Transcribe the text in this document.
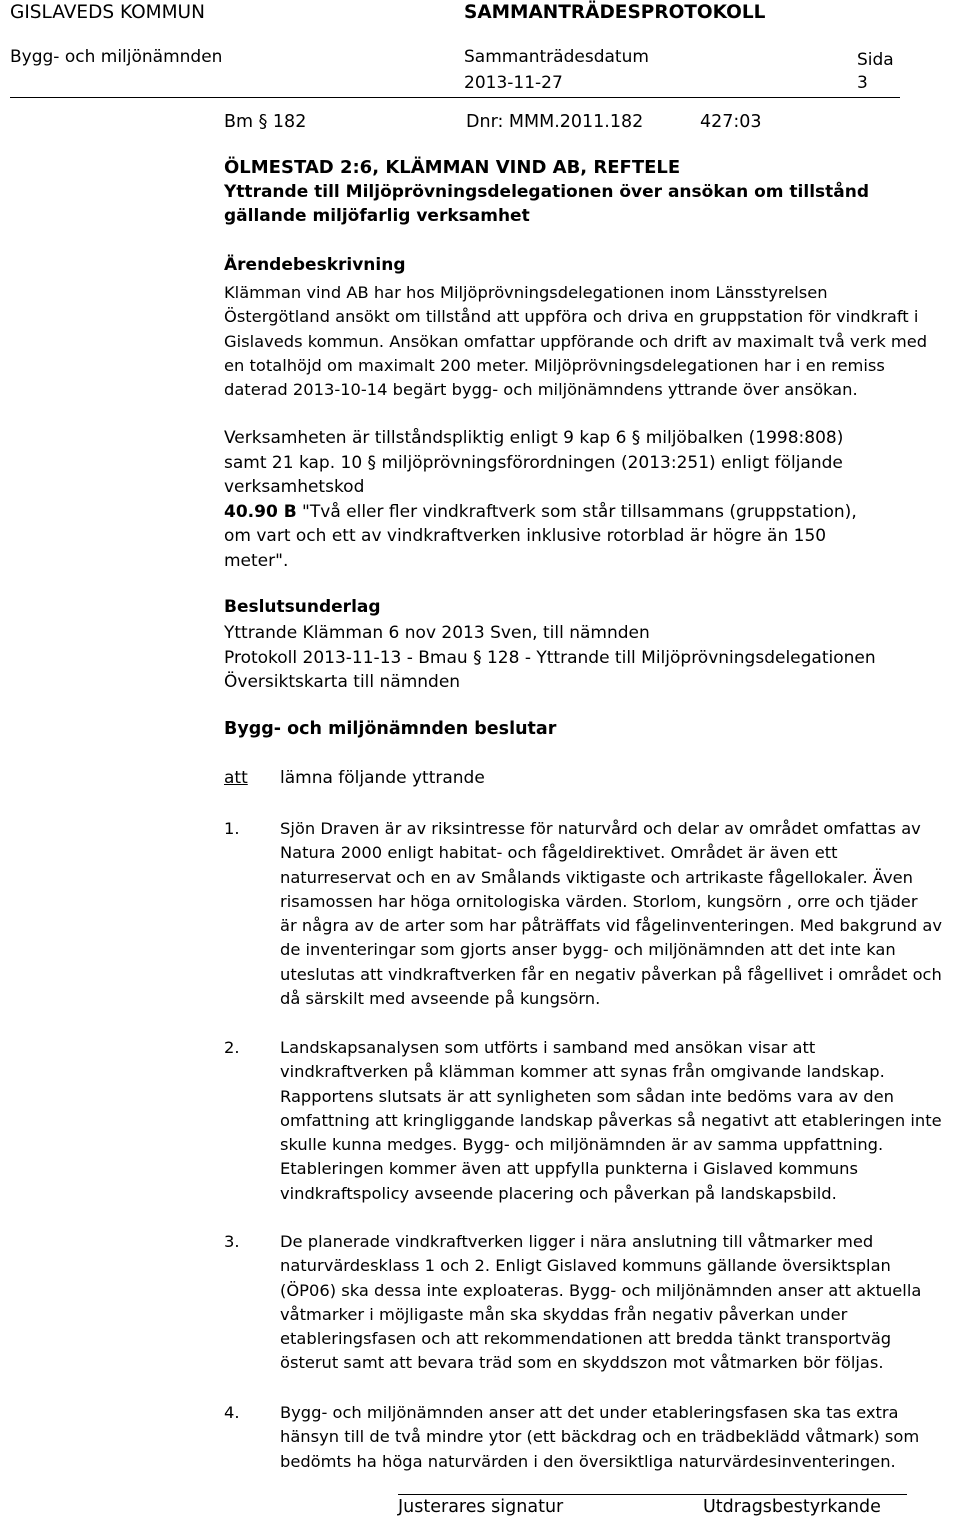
GISLAVEDS KOMMUN	SAMMANTRÄDESPROTOKOLL
Bygg- och miljönämnden	Sammanträdesdatum	Sida
2013-11-27	3
Bm § 182	Dnr: MMM.2011.182	427:03
ÖLMESTAD 2:6, KLÄMMAN VIND AB, REFTELE
Yttrande till Miljöprövningsdelegationen över ansökan om tillstånd
gällande miljöfarlig verksamhet
Ärendebeskrivning
Klämman vind AB har hos Miljöprövningsdelegationen inom Länsstyrelsen
Östergötland ansökt om tillstånd att uppföra och driva en gruppstation för vindkraft i
Gislaveds kommun. Ansökan omfattar uppförande och drift av maximalt två verk med
en totalhöjd om maximalt 200 meter. Miljöprövningsdelegationen har i en remiss
daterad 2013-10-14 begärt bygg- och miljönämndens yttrande över ansökan.
Verksamheten är tillståndspliktig enligt 9 kap 6 § miljöbalken (1998:808)
samt 21 kap. 10 § miljöprövningsförordningen (2013:251) enligt följande
verksamhetskod
40.90 B "Två eller fler vindkraftverk som står tillsammans (gruppstation),
om vart och ett av vindkraftverken inklusive rotorblad är högre än 150
meter".
Beslutsunderlag
Yttrande Klämman 6 nov 2013 Sven, till nämnden
Protokoll 2013-11-13 - Bmau § 128 - Yttrande till Miljöprövningsdelegationen
Översiktskarta till nämnden
Bygg- och miljönämnden beslutar
att lämna följande yttrande
1. Sjön Draven är av riksintresse för naturvård och delar av området omfattas av
Natura 2000 enligt habitat- och fågeldirektivet. Området är även ett
naturreservat och en av Smålands viktigaste och artrikaste fågellokaler. Även
risamossen har höga ornitologiska värden. Storlom, kungsörn , orre och tjäder
är några av de arter som har påträffats vid fågelinventeringen. Med bakgrund av
de inventeringar som gjorts anser bygg- och miljönämnden att det inte kan
uteslutas att vindkraftverken får en negativ påverkan på fågellivet i området och
då särskilt med avseende på kungsörn.
2. Landskapsanalysen som utförts i samband med ansökan visar att
vindkraftverken på klämman kommer att synas från omgivande landskap.
Rapportens slutsats är att synligheten som sådan inte bedöms vara av den
omfattning att kringliggande landskap påverkas så negativt att etableringen inte
skulle kunna medges. Bygg- och miljönämnden är av samma uppfattning.
Etableringen kommer även att uppfylla punkterna i Gislaved kommuns
vindkraftspolicy avseende placering och påverkan på landskapsbild.
3. De planerade vindkraftverken ligger i nära anslutning till våtmarker med
naturvärdesklass 1 och 2. Enligt Gislaved kommuns gällande översiktsplan
(ÖP06) ska dessa inte exploateras. Bygg- och miljönämnden anser att aktuella
våtmarker i möjligaste mån ska skyddas från negativ påverkan under
etableringsfasen och att rekommendationen att bredda tänkt transportväg
österut samt att bevara träd som en skyddszon mot våtmarken bör följas.
4. Bygg- och miljönämnden anser att det under etableringsfasen ska tas extra
hänsyn till de två mindre ytor (ett bäckdrag och en trädbeklädd våtmark) som
bedömts ha höga naturvärden i den översiktliga naturvärdesinventeringen.
Justerares signatur	Utdragsbestyrkande
